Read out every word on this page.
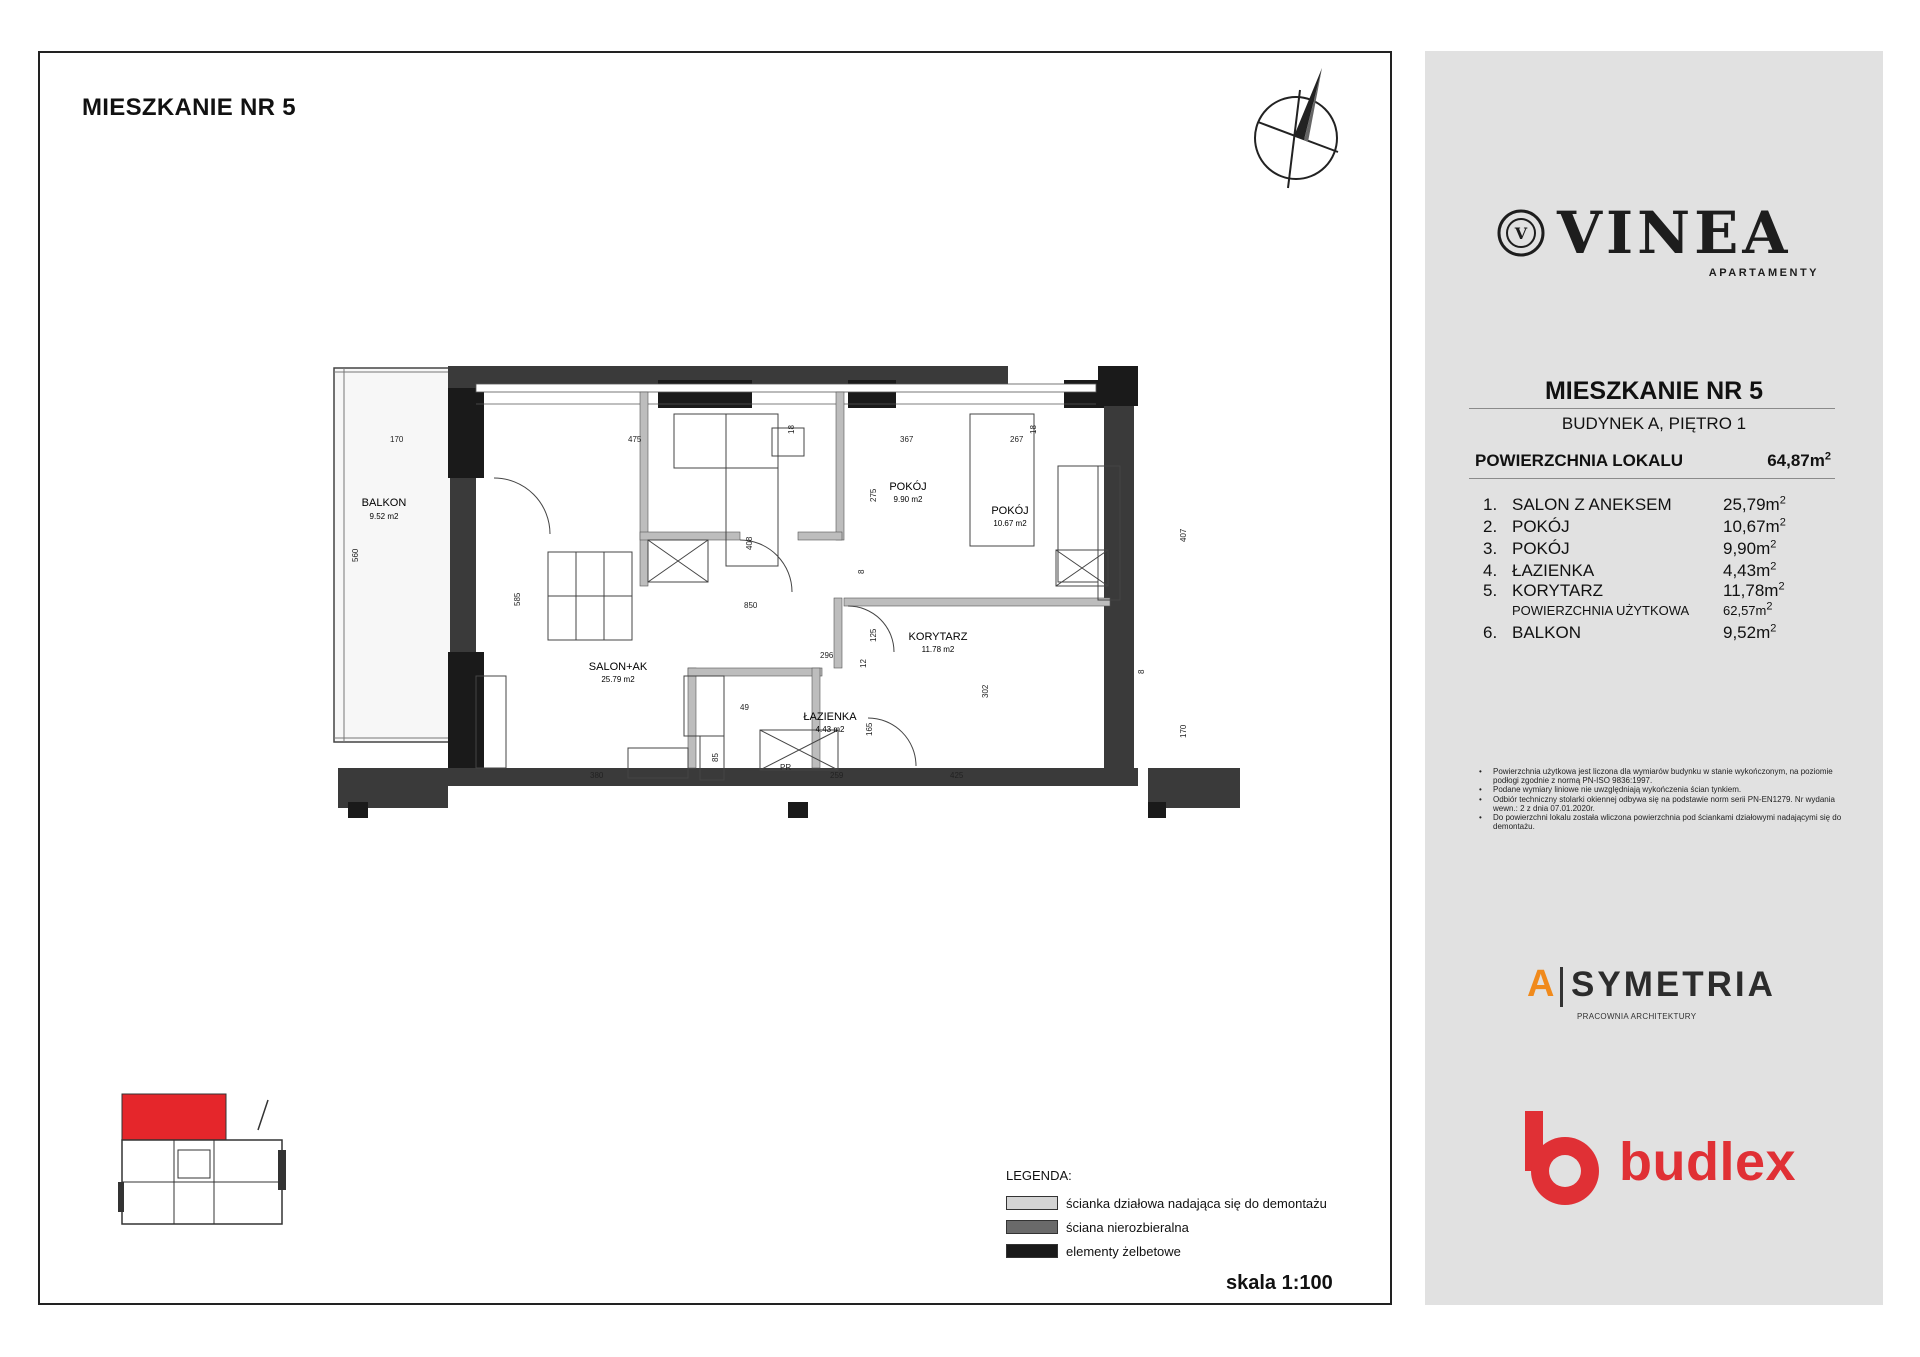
MIESZKANIE NR 5
BALKON
9.52 m2
SALON+AK
25.79 m2
POKÓJ
9.90 m2
POKÓJ
10.67 m2
KORYTARZ
11.78 m2
ŁAZIENKA
4.43 m2
170	475	367	267
850
296
380	259	425
PR
49
560
585
408
275
407
125
302
165	170
85
18	18
8
8
12
LEGENDA:
ścianka działowa nadająca się do demontażu
ściana nierozbieralna
elementy żelbetowe
skala 1:100
V VINEA
APARTAMENTY
MIESZKANIE NR 5
BUDYNEK A, PIĘTRO 1
POWIERZCHNIA LOKALU	$64,87m^2$
1. SALON Z ANEKSEM	$25,79m^2$
2. POKÓJ	$10,67m^2$
3. POKÓJ	$9,90m^2$
4. ŁAZIENKA	$4,43m^2$
5. KORYTARZ	$11,78m^2$
POWIERZCHNIA UŻYTKOWA	$62,57m^2$
6. BALKON	$9,52m^2$
• Powierzchnia użytkowa jest liczona dla wymiarów budynku w stanie wykończonym, na poziomie podłogi zgodnie z normą PN-ISO 9836:1997.
• Podane wymiary liniowe nie uwzględniają wykończenia ścian tynkiem.
• Odbiór techniczny stolarki okiennej odbywa się na podstawie norm serii PN-EN1279. Nr wydania wewn.: 2 z dnia 07.01.2020r.
• Do powierzchni lokalu została wliczona powierzchnia pod ściankami działowymi nadającymi się do demontażu.
A SYMETRIA
PRACOWNIA ARCHITEKTURY
budlex
